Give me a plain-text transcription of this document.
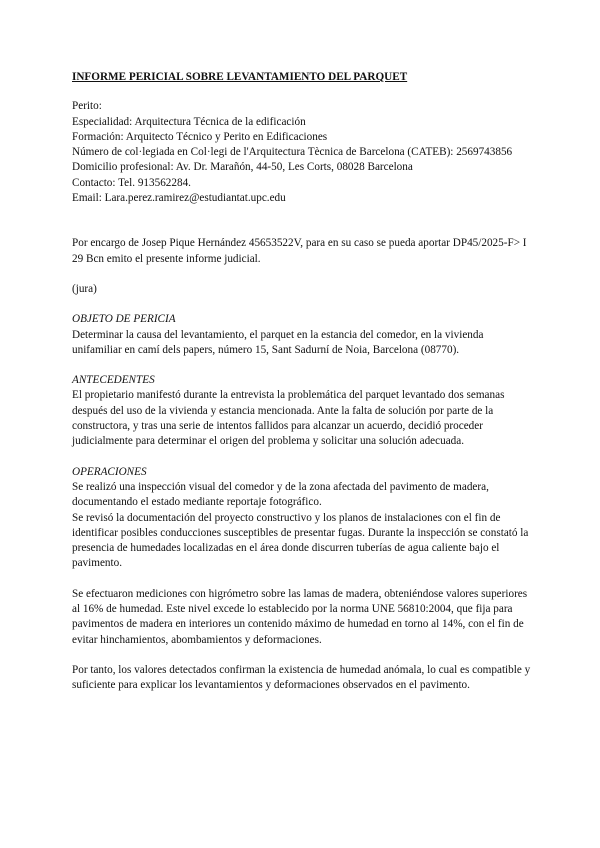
INFORME PERICIAL SOBRE LEVANTAMIENTO DEL PARQUET
Perito:
Especialidad: Arquitectura Técnica de la edificación
Formación: Arquitecto Técnico y Perito en Edificaciones
Número de col·legiada en Col·legi de l'Arquitectura Tècnica de Barcelona (CATEB): 2569743856
Domicilio profesional: Av. Dr. Marañón, 44-50, Les Corts, 08028 Barcelona
Contacto: Tel. 913562284.
Email: Lara.perez.ramirez@estudiantat.upc.edu
Por encargo de Josep Pique Hernández 45653522V, para en su caso se pueda aportar DP45/2025-F> I
29 Bcn emito el presente informe judicial.
(jura)
OBJETO DE PERICIA
Determinar la causa del levantamiento, el parquet en la estancia del comedor, en la vivienda
unifamiliar en camí dels papers, número 15, Sant Sadurní de Noia, Barcelona (08770).
ANTECEDENTES
El propietario manifestó durante la entrevista la problemática del parquet levantado dos semanas
después del uso de la vivienda y estancia mencionada. Ante la falta de solución por parte de la
constructora, y tras una serie de intentos fallidos para alcanzar un acuerdo, decidió proceder
judicialmente para determinar el origen del problema y solicitar una solución adecuada.
OPERACIONES
Se realizó una inspección visual del comedor y de la zona afectada del pavimento de madera,
documentando el estado mediante reportaje fotográfico.
Se revisó la documentación del proyecto constructivo y los planos de instalaciones con el fin de
identificar posibles conducciones susceptibles de presentar fugas. Durante la inspección se constató la
presencia de humedades localizadas en el área donde discurren tuberías de agua caliente bajo el
pavimento.
Se efectuaron mediciones con higrómetro sobre las lamas de madera, obteniéndose valores superiores
al 16% de humedad. Este nivel excede lo establecido por la norma UNE 56810:2004, que fija para
pavimentos de madera en interiores un contenido máximo de humedad en torno al 14%, con el fin de
evitar hinchamientos, abombamientos y deformaciones.
Por tanto, los valores detectados confirman la existencia de humedad anómala, lo cual es compatible y
suficiente para explicar los levantamientos y deformaciones observados en el pavimento.
